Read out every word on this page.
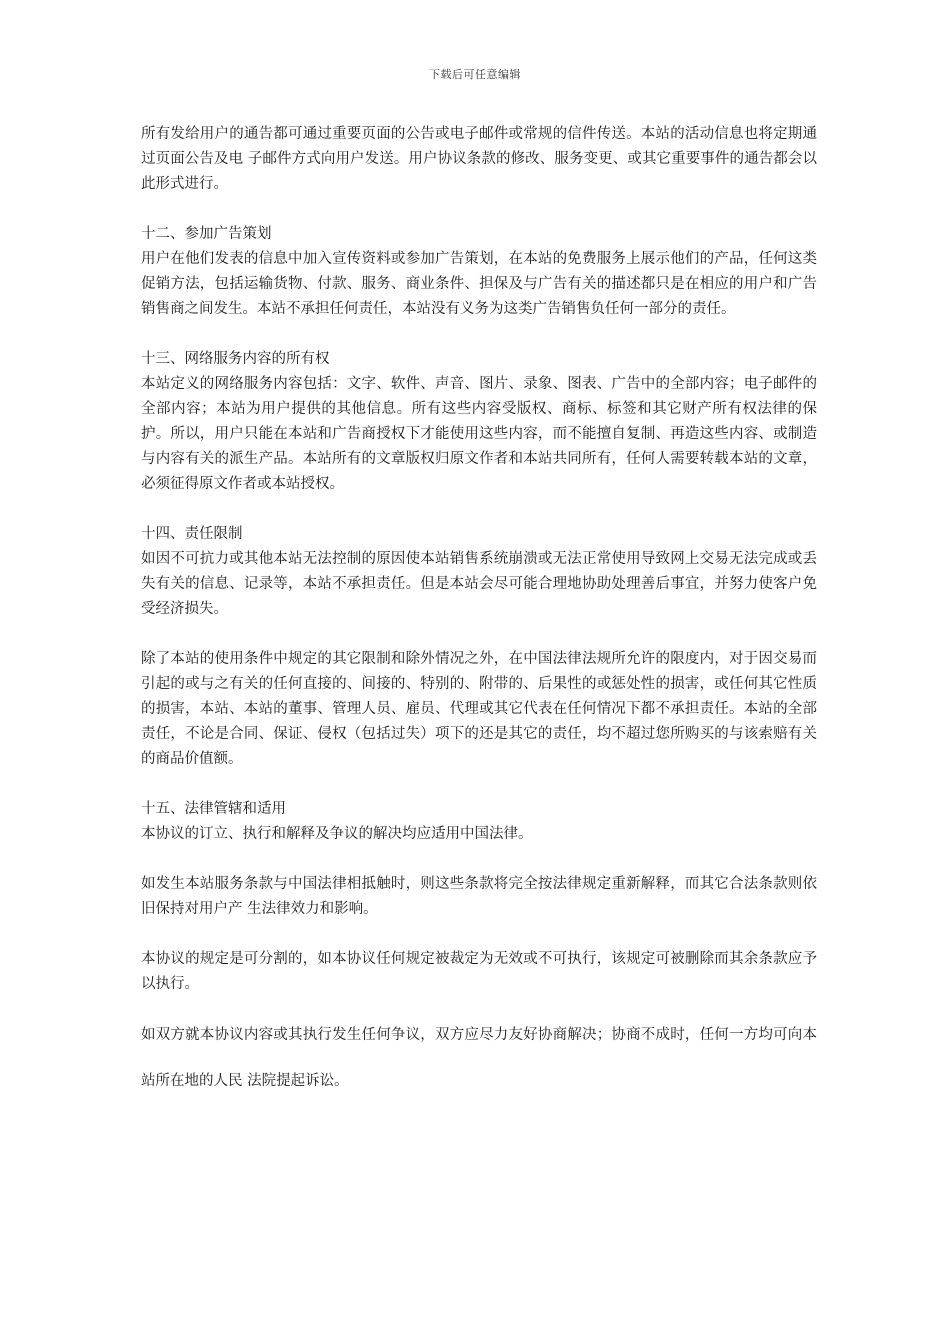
下载后可任意编辑

所有发给用户的通告都可通过重要页面的公告或电子邮件或常规的信件传送。本站的活动信息也将定期通过页面公告及电 子邮件方式向用户发送。用户协议条款的修改、服务变更、或其它重要事件的通告都会以此形式进行。

十二、参加广告策划

用户在他们发表的信息中加入宣传资料或参加广告策划，在本站的免费服务上展示他们的产品，任何这类促销方法，包括运输货物、付款、服务、商业条件、担保及与广告有关的描述都只是在相应的用户和广告销售商之间发生。本站不承担任何责任，本站没有义务为这类广告销售负任何一部分的责任。

十三、网络服务内容的所有权

本站定义的网络服务内容包括：文字、软件、声音、图片、录象、图表、广告中的全部内容；电子邮件的全部内容；本站为用户提供的其他信息。所有这些内容受版权、商标、标签和其它财产所有权法律的保护。所以，用户只能在本站和广告商授权下才能使用这些内容，而不能擅自复制、再造这些内容、或制造与内容有关的派生产品。本站所有的文章版权归原文作者和本站共同所有，任何人需要转载本站的文章，必须征得原文作者或本站授权。

十四、责任限制

如因不可抗力或其他本站无法控制的原因使本站销售系统崩溃或无法正常使用导致网上交易无法完成或丢失有关的信息、记录等，本站不承担责任。但是本站会尽可能合理地协助处理善后事宜，并努力使客户免受经济损失。

除了本站的使用条件中规定的其它限制和除外情况之外，在中国法律法规所允许的限度内，对于因交易而引起的或与之有关的任何直接的、间接的、特别的、附带的、后果性的或惩处性的损害，或任何其它性质的损害，本站、本站的董事、管理人员、雇员、代理或其它代表在任何情况下都不承担责任。本站的全部责任，不论是合同、保证、侵权（包括过失）项下的还是其它的责任，均不超过您所购买的与该索赔有关的商品价值额。

十五、法律管辖和适用

本协议的订立、执行和解释及争议的解决均应适用中国法律。

如发生本站服务条款与中国法律相抵触时，则这些条款将完全按法律规定重新解释，而其它合法条款则依旧保持对用户产 生法律效力和影响。

本协议的规定是可分割的，如本协议任何规定被裁定为无效或不可执行，该规定可被删除而其余条款应予以执行。

如双方就本协议内容或其执行发生任何争议，双方应尽力友好协商解决；协商不成时，任何一方均可向本站所在地的人民 法院提起诉讼。
